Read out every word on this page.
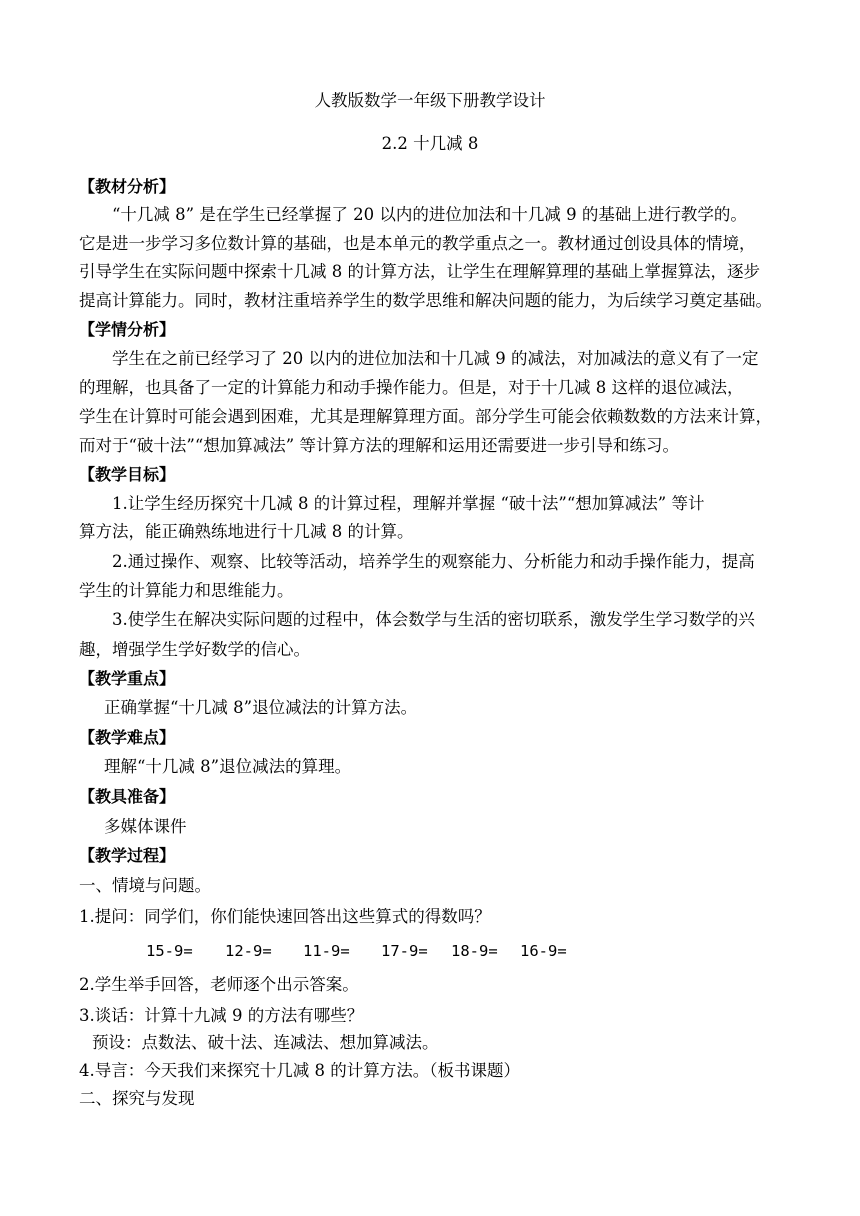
人教版数学一年级下册教学设计
2.2 十几减 8
【教材分析】
“十几减 8” 是在学生已经掌握了 20 以内的进位加法和十几减 9 的基础上进行教学的。
它是进一步学习多位数计算的基础，也是本单元的教学重点之一。教材通过创设具体的情境，
引导学生在实际问题中探索十几减 8 的计算方法，让学生在理解算理的基础上掌握算法，逐步
提高计算能力。同时，教材注重培养学生的数学思维和解决问题的能力，为后续学习奠定基础。
【学情分析】
学生在之前已经学习了 20 以内的进位加法和十几减 9 的减法，对加减法的意义有了一定
的理解，也具备了一定的计算能力和动手操作能力。但是，对于十几减 8 这样的退位减法，
学生在计算时可能会遇到困难，尤其是理解算理方面。部分学生可能会依赖数数的方法来计算，
而对于“破十法”“想加算减法” 等计算方法的理解和运用还需要进一步引导和练习。
【教学目标】
1.让学生经历探究十几减 8 的计算过程，理解并掌握 “破十法”“想加算减法” 等计
算方法，能正确熟练地进行十几减 8 的计算。
2.通过操作、观察、比较等活动，培养学生的观察能力、分析能力和动手操作能力，提高
学生的计算能力和思维能力。
3.使学生在解决实际问题的过程中，体会数学与生活的密切联系，激发学生学习数学的兴
趣，增强学生学好数学的信心。
【教学重点】
正确掌握“十几减 8”退位减法的计算方法。
【教学难点】
理解“十几减 8”退位减法的算理。
【教具准备】
多媒体课件
【教学过程】
一、情境与问题。
1.提问：同学们，你们能快速回答出这些算式的得数吗？
15-9= 12-9= 11-9= 17-9= 18-9= 16-9=
2.学生举手回答，老师逐个出示答案。
3.谈话：计算十九减 9 的方法有哪些？
预设：点数法、破十法、连减法、想加算减法。
4.导言：今天我们来探究十几减 8 的计算方法。（板书课题）
二、探究与发现
